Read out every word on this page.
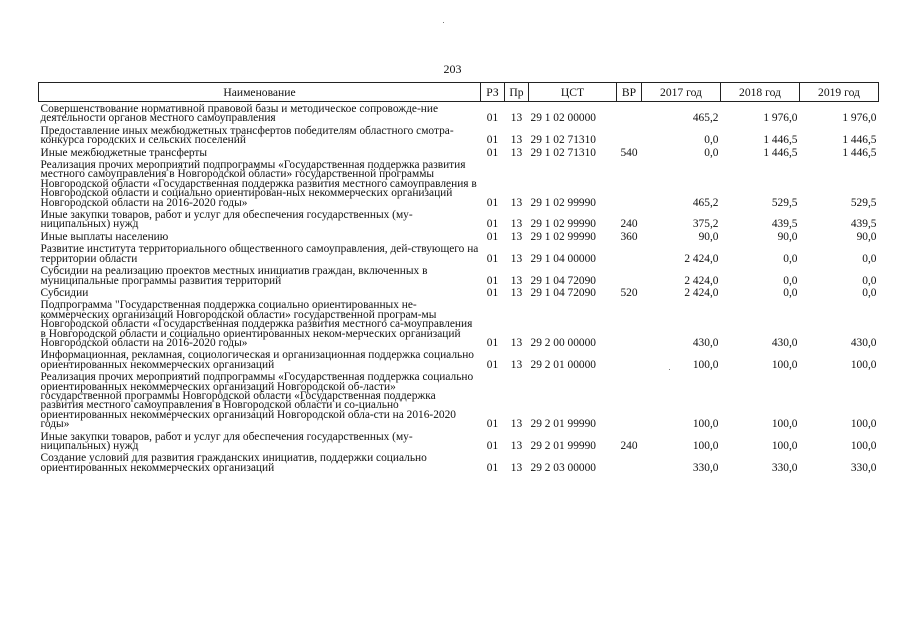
203
Наименование	РЗ	Пр	ЦСТ	ВР	2017 год	2018 год	2019 год
Совершенствование нормативной правовой базы и методическое сопровожде-ние деятельности органов местного самоуправления	01	13	29 1 02 00000		465,2	1 976,0	1 976,0
Предоставление иных межбюджетных трансфертов победителям областного смотра-конкурса городских и сельских поселений	01	13	29 1 02 71310		0,0	1 446,5	1 446,5
Иные межбюджетные трансферты	01	13	29 1 02 71310	540	0,0	1 446,5	1 446,5
Реализация прочих мероприятий подпрограммы «Государственная поддержка развития местного самоуправления в Новгородской области» государственной программы Новгородской области «Государственная поддержка развития местного самоуправления в Новгородской области и социально ориентирован-ных некоммерческих организаций Новгородской области на 2016-2020 годы»	01	13	29 1 02 99990		465,2	529,5	529,5
Иные закупки товаров, работ и услуг для обеспечения государственных (му-ниципальных) нужд	01	13	29 1 02 99990	240	375,2	439,5	439,5
Иные выплаты населению	01	13	29 1 02 99990	360	90,0	90,0	90,0
Развитие института территориального общественного самоуправления, дей-ствующего на территории области	01	13	29 1 04 00000		2 424,0	0,0	0,0
Субсидии на реализацию проектов местных инициатив граждан, включенных в муниципальные программы развития территорий	01	13	29 1 04 72090		2 424,0	0,0	0,0
Субсидии	01	13	29 1 04 72090	520	2 424,0	0,0	0,0
Подпрограмма "Государственная поддержка социально ориентированных не-коммерческих организаций Новгородской области» государственной програм-мы Новгородской области «Государственная поддержка развития местного са-моуправления в Новгородской области и социально ориентированных неком-мерческих организаций Новгородской области на 2016-2020 годы»	01	13	29 2 00 00000		430,0	430,0	430,0
Информационная, рекламная, социологическая и организационная поддержка социально ориентированных некоммерческих организаций	01	13	29 2 01 00000		100,0	100,0	100,0
Реализация прочих мероприятий подпрограммы «Государственная поддержка социально ориентированных некоммерческих организаций Новгородской об-ласти» государственной программы Новгородской области «Государственная поддержка развития местного самоуправления в Новгородской области и со-циально ориентированных некоммерческих организаций Новгородской обла-сти на 2016-2020 годы»	01	13	29 2 01 99990		100,0	100,0	100,0
Иные закупки товаров, работ и услуг для обеспечения государственных (му-ниципальных) нужд	01	13	29 2 01 99990	240	100,0	100,0	100,0
Создание условий для развития гражданских инициатив, поддержки социально ориентированных некоммерческих организаций	01	13	29 2 03 00000		330,0	330,0	330,0
